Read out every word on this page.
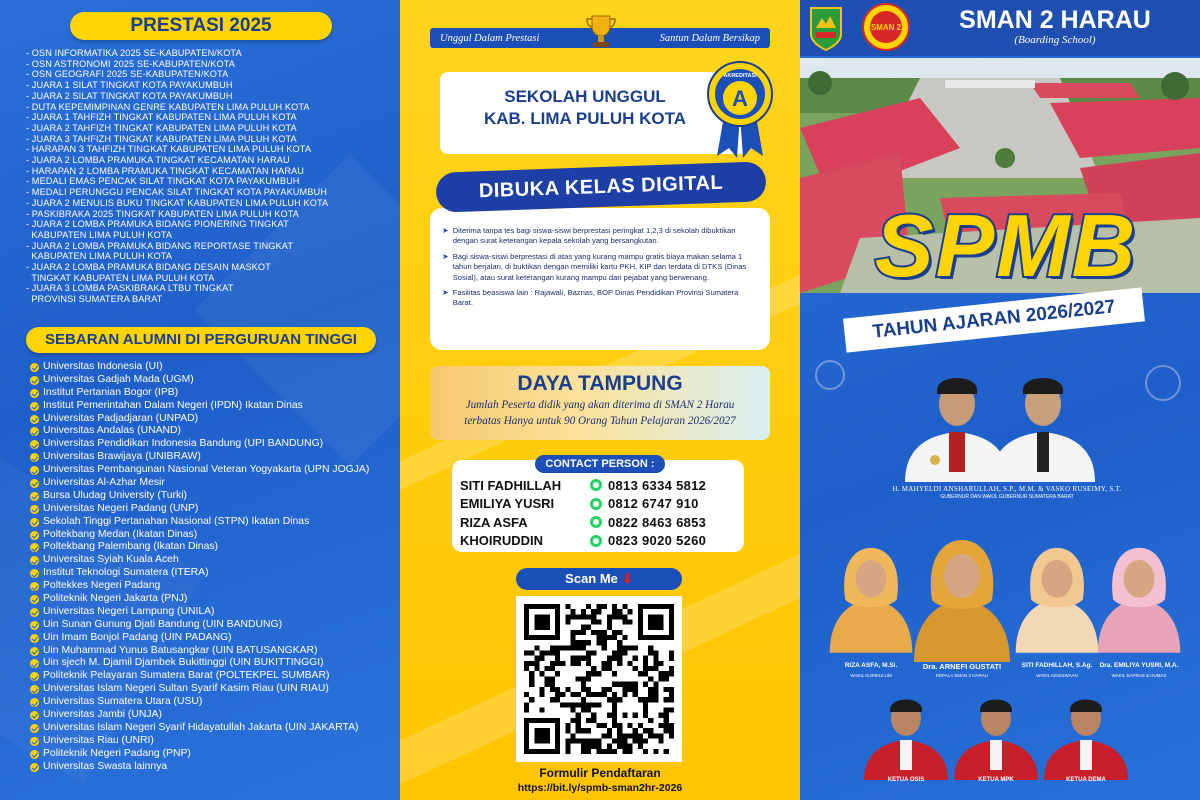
PRESTASI 2025
- OSN INFORMATIKA 2025 SE-KABUPATEN/KOTA
- OSN ASTRONOMI 2025 SE-KABUPATEN/KOTA
- OSN GEOGRAFI 2025 SE-KABUPATEN/KOTA
- JUARA 1 SILAT TINGKAT KOTA PAYAKUMBUH
- JUARA 2 SILAT TINGKAT KOTA PAYAKUMBUH
- DUTA KEPEMIMPINAN GENRE KABUPATEN LIMA PULUH KOTA
- JUARA 1 TAHFIZH TINGKAT KABUPATEN LIMA PULUH KOTA
- JUARA 2 TAHFIZH TINGKAT KABUPATEN LIMA PULUH KOTA
- JUARA 3 TAHFIZH TINGKAT KABUPATEN LIMA PULUH KOTA
- HARAPAN 3 TAHFIZH TINGKAT KABUPATEN LIMA PULUH KOTA
- JUARA 2 LOMBA PRAMUKA TINGKAT KECAMATAN HARAU
- HARAPAN 2 LOMBA PRAMUKA TINGKAT KECAMATAN HARAU
- MEDALI EMAS PENCAK SILAT TINGKAT KOTA PAYAKUMBUH
- MEDALI PERUNGGU PENCAK SILAT TINGKAT KOTA PAYAKUMBUH
- JUARA 2 MENULIS BUKU TINGKAT KABUPATEN LIMA PULUH KOTA
- PASKIBRAKA 2025 TINGKAT KABUPATEN LIMA PULUH KOTA
- JUARA 2 LOMBA PRAMUKA BIDANG PIONERING TINGKAT
KABUPATEN LIMA PULUH KOTA
- JUARA 2 LOMBA PRAMUKA BIDANG REPORTASE TINGKAT
KABUPATEN LIMA PULUH KOTA
- JUARA 2 LOMBA PRAMUKA BIDANG DESAIN MASKOT
TINGKAT KABUPATEN LIMA PULUH KOTA
- JUARA 3 LOMBA PASKIBRAKA LTBU TINGKAT
PROVINSI SUMATERA BARAT
SEBARAN ALUMNI DI PERGURUAN TINGGI
Universitas Indonesia (UI)
Universitas Gadjah Mada (UGM)
Institut Pertanian Bogor (IPB)
Institut Pemerintahan Dalam Negeri (IPDN) Ikatan Dinas
Universitas Padjadjaran (UNPAD)
Universitas Andalas (UNAND)
Universitas Pendidikan Indonesia Bandung (UPI BANDUNG)
Universitas Brawijaya (UNIBRAW)
Universitas Pembangunan Nasional Veteran Yogyakarta (UPN JOGJA)
Universitas Al-Azhar Mesir
Bursa Uludag University (Turki)
Universitas Negeri Padang (UNP)
Sekolah Tinggi Pertanahan Nasional (STPN) Ikatan Dinas
Poltekbang Medan (Ikatan Dinas)
Poltekbang Palembang (Ikatan Dinas)
Universitas Syiah Kuala Aceh
Institut Teknologi Sumatera (ITERA)
Poltekkes Negeri Padang
Politeknik Negeri Jakarta (PNJ)
Universitas Negeri Lampung (UNILA)
Uin Sunan Gunung Djati Bandung (UIN BANDUNG)
Uin Imam Bonjol Padang (UIN PADANG)
Uin Muhammad Yunus Batusangkar (UIN BATUSANGKAR)
Uin sjech M. Djamil Djambek Bukittinggi (UIN BUKITTINGGI)
Politeknik Pelayaran Sumatera Barat (POLTEKPEL SUMBAR)
Universitas Islam Negeri Sultan Syarif Kasim Riau (UIN RIAU)
Universitas Sumatera Utara (USU)
Universitas Jambi (UNJA)
Universitas Islam Negeri Syarif Hidayatullah Jakarta (UIN JAKARTA)
Universitas Riau (UNRI)
Politeknik Negeri Padang (PNP)
Universitas Swasta lainnya
Unggul Dalam Prestasi	Santun Dalam Bersikap
SEKOLAH UNGGUL
KAB. LIMA PULUH KOTA
A
AKREDITASI
➤ Diterima tanpa tes bagi siswa-siswi berprestasi peringkat 1,2,3 di sekolah dibuktikan dengan surat keterangan kepala sekolah yang bersangkutan.
➤ Bagi siswa-siswi berprestasi di atas yang kurang mampu gratis biaya makan selama 1 tahun berjalan, di buktikan dengan memiliki kartu PKH, KIP dan terdata di DTKS (Dinas Sosial), atau surat keterangan kurang mampu dari pejabat yang berwenang.
➤ Fasilitas beasiswa lain : Rajawali, Baznas, BOP Dinas Pendidikan Provinsi Sumatera Barat.
DIBUKA KELAS DIGITAL
DAYA TAMPUNG
Jumlah Peserta didik yang akan diterima di SMAN 2 Harau
terbatas Hanya untuk 90 Orang Tahun Pelajaran 2026/2027
CONTACT PERSON :
SITI FADHILLAH	0813 6334 5812
EMILIYA YUSRI	0812 6747 910
RIZA ASFA	0822 8463 6853
KHOIRUDDIN	0823 9020 5260
Scan Me ⬇
Formulir Pendaftaran
https://bit.ly/spmb-sman2hr-2026
SMAN 2	SMAN 2 HARAU
(Boarding School)
SPMB
TAHUN AJARAN 2026/2027
H. MAHYELDI ANSHARULLAH, S.P., M.M. & VASKO RUSEIMY, S.T.
GUBERNUR DAN WAKIL GUBERNUR SUMATERA BARAT
RIZA ASFA, M.Si.
WAKIL KURIKULUM
Dra. ARNEFI GUSTATI
KEPALA SMAN 2 HARAU
SITI FADHILLAH, S.Ag.
WAKIL KESISWAAN
Dra. EMILIYA YUSRI, M.A.
WAKIL SAPRAS & HUMAS
KETUA OSIS	KETUA MPK	KETUA DEMA
